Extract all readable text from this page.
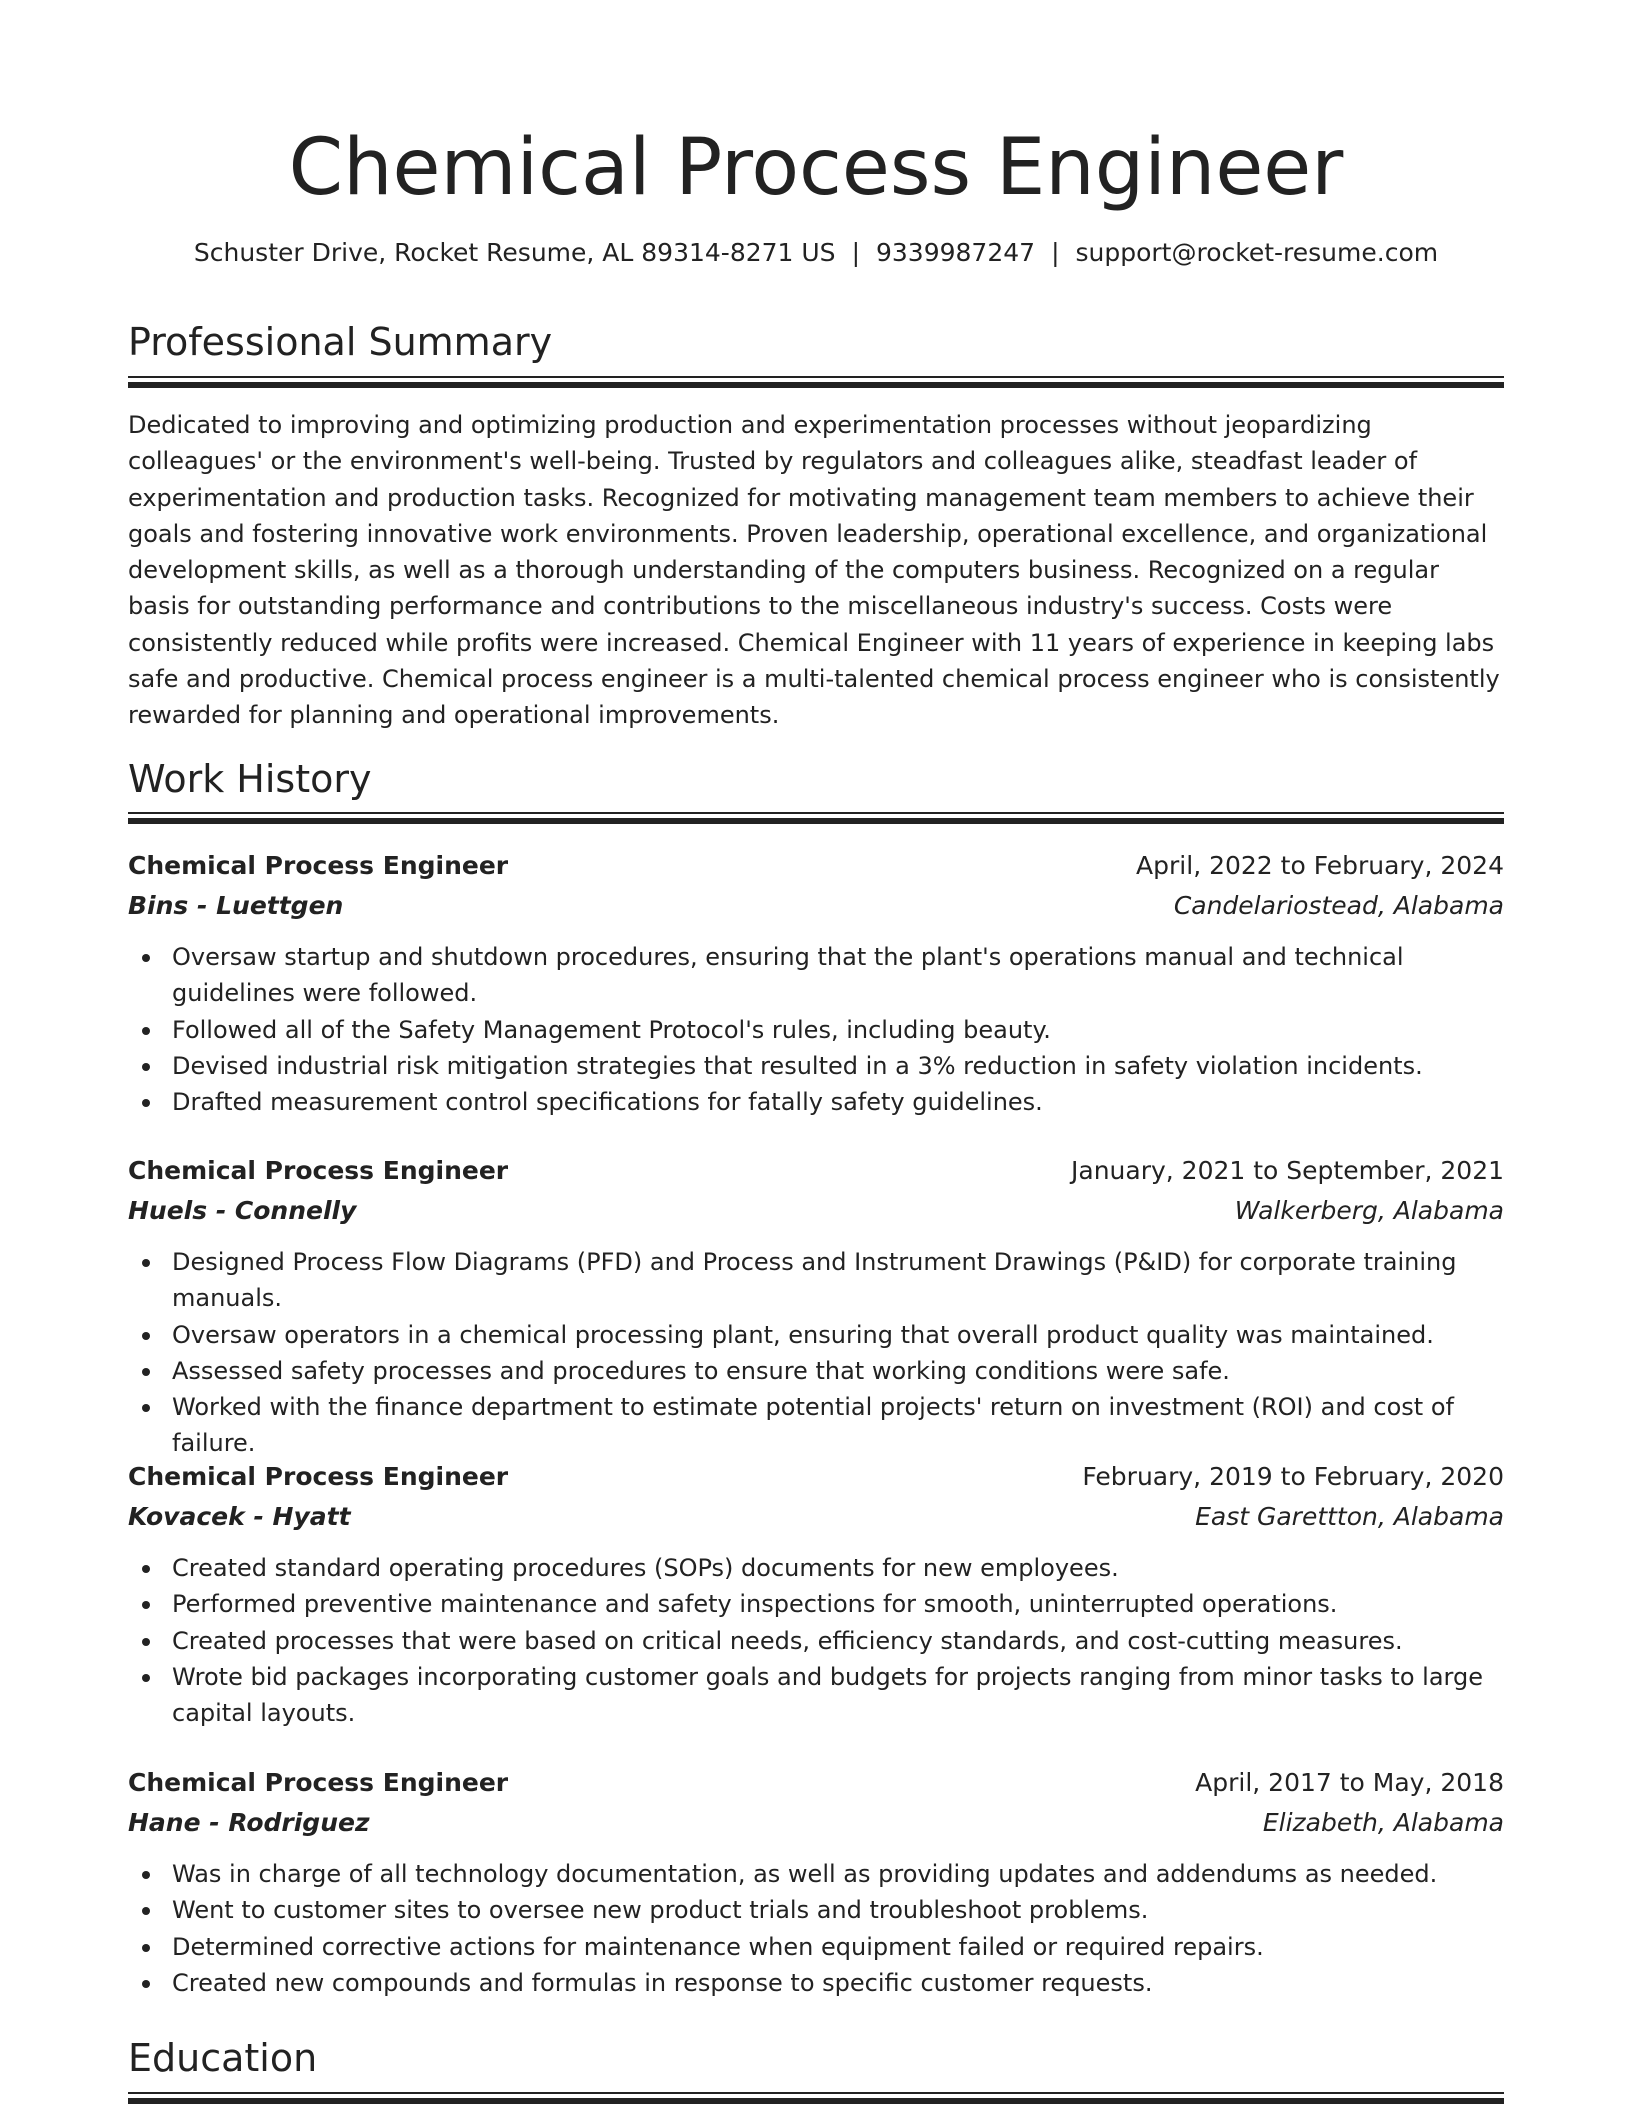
Chemical Process Engineer
Schuster Drive, Rocket Resume, AL 89314-8271 US | 9339987247 | support@rocket-resume.com
Professional Summary

Dedicated to improving and optimizing production and experimentation processes without jeopardizing colleagues' or the environment's well-being. Trusted by regulators and colleagues alike, steadfast leader of experimentation and production tasks. Recognized for motivating management team members to achieve their goals and fostering innovative work environments. Proven leadership, operational excellence, and organizational development skills, as well as a thorough understanding of the computers business. Recognized on a regular basis for outstanding performance and contributions to the miscellaneous industry's success. Costs were consistently reduced while profits were increased. Chemical Engineer with 11 years of experience in keeping labs safe and productive. Chemical process engineer is a multi-talented chemical process engineer who is consistently rewarded for planning and operational improvements.

Work History
Chemical Process Engineer	April, 2022 to February, 2024
Bins - Luettgen	Candelariostead, Alabama
Oversaw startup and shutdown procedures, ensuring that the plant's operations manual and technical guidelines were followed.
Followed all of the Safety Management Protocol's rules, including beauty.
Devised industrial risk mitigation strategies that resulted in a 3% reduction in safety violation incidents.
Drafted measurement control specifications for fatally safety guidelines.
Chemical Process Engineer	January, 2021 to September, 2021
Huels - Connelly	Walkerberg, Alabama
Designed Process Flow Diagrams (PFD) and Process and Instrument Drawings (P&ID) for corporate training manuals.
Oversaw operators in a chemical processing plant, ensuring that overall product quality was maintained.
Assessed safety processes and procedures to ensure that working conditions were safe.
Worked with the finance department to estimate potential projects' return on investment (ROI) and cost of failure.
Chemical Process Engineer	February, 2019 to February, 2020
Kovacek - Hyatt	East Garettton, Alabama
Created standard operating procedures (SOPs) documents for new employees.
Performed preventive maintenance and safety inspections for smooth, uninterrupted operations.
Created processes that were based on critical needs, efficiency standards, and cost-cutting measures.
Wrote bid packages incorporating customer goals and budgets for projects ranging from minor tasks to large capital layouts.
Chemical Process Engineer	April, 2017 to May, 2018
Hane - Rodriguez	Elizabeth, Alabama
Was in charge of all technology documentation, as well as providing updates and addendums as needed.
Went to customer sites to oversee new product trials and troubleshoot problems.
Determined corrective actions for maintenance when equipment failed or required repairs.
Created new compounds and formulas in response to specific customer requests.
Education
